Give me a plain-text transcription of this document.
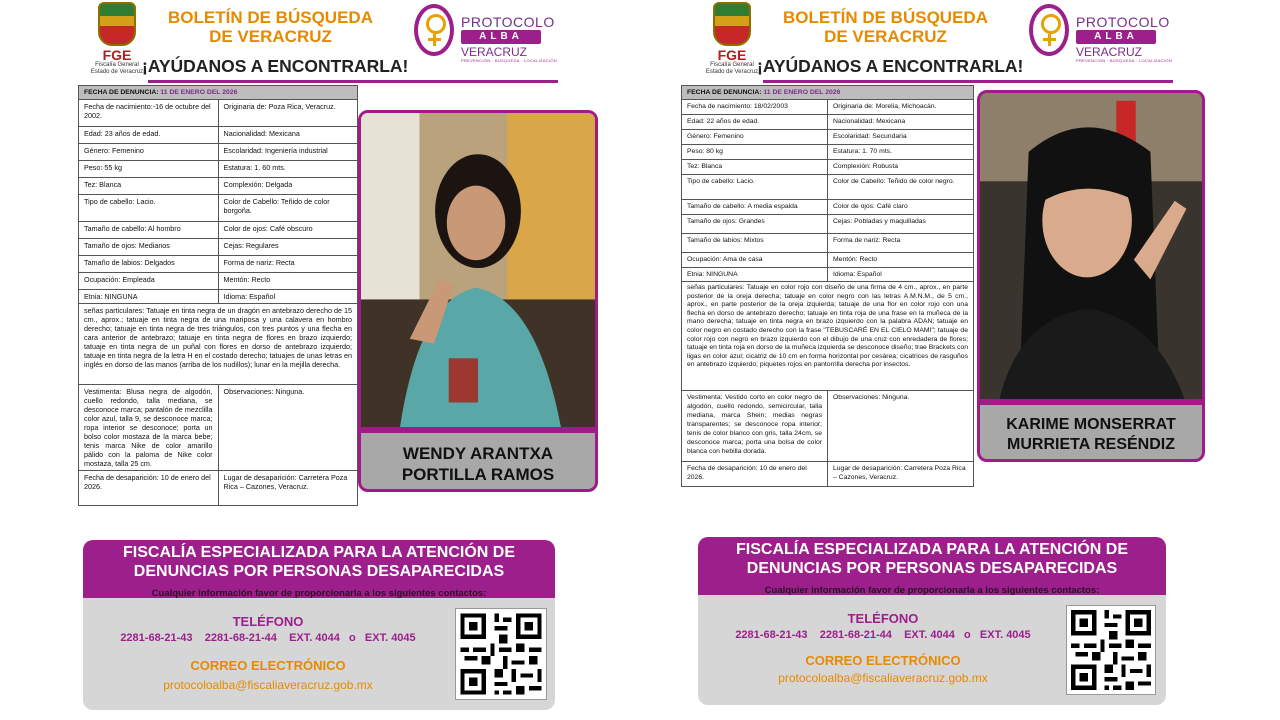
FGE
Fiscalía General
Estado de Veracruz
BOLETÍN DE BÚSQUEDA
DE VERACRUZ
¡AYÚDANOS A ENCONTRARLA!
PROTOCOLO
ALBA
VERACRUZ
PREVENCIÓN · BÚSQUEDA · LOCALIZACIÓN
FECHA DE DENUNCIA: 11 DE ENERO DEL 2026	
Fecha de nacimiento:-16 de octubre del 2002.	Originaria de: Poza Rica, Veracruz.
Edad: 23 años de edad.	Nacionalidad: Mexicana
Género: Femenino	Escolaridad: Ingeniería industrial
Peso: 55 kg	Estatura: 1. 60 mts.
Tez: Blanca	Complexión: Delgada
Tipo de cabello: Lacio.	Color de Cabello: Teñido de color borgoña.
Tamaño de cabello: Al hombro	Color de ojos: Café obscuro
Tamaño de ojos: Medianos	Cejas: Regulares
Tamaño de labios: Delgados	Forma de nariz: Recta
Ocupación: Empleada	Mentón: Recto
Etnia: NINGUNA	Idioma: Español
señas particulares: Tatuaje en tinta negra de un dragón en antebrazo derecho de 15 cm., aprox.; tatuaje en tinta negra de una mariposa y una calavera en hombro derecho; tatuaje en tinta negra de tres triángulos, con tres puntos y una flecha en cara anterior de antebrazo; tatuaje en tinta negra de flores en brazo izquierdo; tatuaje en tinta negra de un puñal con flores en dorso de antebrazo izquierdo; tatuaje en tinta negra de la letra H en el costado derecho; tatuajes de unas letras en inglés en dorso de las manos (arriba de los nudillos); lunar en la mejilla derecha.	
Vestimenta: Blusa negra de algodón, cuello redondo, talla mediana, se desconoce marca; pantalón de mezclilla color azul, talla 9, se desconoce marca; ropa interior se desconoce; porta un bolso color mostaza de la marca bebe; tenis marca Nike de color amarillo pálido con la paloma de Nike color mostaza, talla 25 cm.	Observaciones: Ninguna.
Fecha de desaparición: 10 de enero del 2026.	Lugar de desaparición: Carretera Poza Rica – Cazones, Veracruz.
WENDY ARANTXA
PORTILLA RAMOS
FISCALÍA ESPECIALIZADA PARA LA ATENCIÓN DE
DENUNCIAS POR PERSONAS DESAPARECIDAS
Cualquier información favor de proporcionarla a los siguientes contactos:
TELÉFONO
2281-68-21-43    2281-68-21-44    EXT. 4044   o   EXT. 4045
CORREO ELECTRÓNICO
protocoloalba@fiscaliaveracruz.gob.mx
FGE
Fiscalía General
Estado de Veracruz
BOLETÍN DE BÚSQUEDA
DE VERACRUZ
¡AYÚDANOS A ENCONTRARLA!
PROTOCOLO
ALBA
VERACRUZ
PREVENCIÓN · BÚSQUEDA · LOCALIZACIÓN
FECHA DE DENUNCIA: 11 DE ENERO DEL 2026	
Fecha de nacimiento: 18/02/2003	Originaria de: Morelia, Michoacán.
Edad: 22 años de edad.	Nacionalidad: Mexicana
Género: Femenino	Escolaridad: Secundaria
Peso: 80 kg	Estatura: 1. 70 mts.
Tez: Blanca	Complexión: Robusta
Tipo de cabello: Lacio.	Color de Cabello: Teñido de color negro.
Tamaño de cabello: A media espalda	Color de ojos: Café claro
Tamaño de ojos: Grandes	Cejas: Pobladas y maquilladas
Tamaño de labios: Mixtos	Forma de nariz: Recta
Ocupación: Ama de casa	Mentón: Recto
Etnia: NINGUNA	Idioma: Español
señas particulares: Tatuaje en color rojo con diseño de una firma de 4 cm., aprox., en parte posterior de la oreja derecha; tatuaje en color negro con las letras A.M.N.M., de 5 cm., aprox., en parte posterior de la oreja izquierda; tatuaje de una flor en color rojo con una flecha en dorso de antebrazo derecho; tatuaje en tinta roja de una frase en la muñeca de la mano derecha; tatuaje en tinta negra en brazo izquierdo con la palabra ADAN; tatuaje en color negro en costado derecho con la frase "TEBUSCARÉ EN EL CIELO MAMI"; tatuaje de color rojo con negro en brazo izquierdo con el dibujo de una cruz con enredadera de flores; tatuaje en tinta roja en dorso de la muñeca izquierda se desconoce diseño; trae Brackets con ligas en color azul; cicatriz de 10 cm en forma horizontal por cesárea; cicatrices de rasguños en antebrazo izquierdo; piquetes rojos en pantorrilla derecha por insectos.	
Vestimenta: Vestido corto en color negro de algodón, cuello redondo, semicircular, talla mediana, marca Shein; medias negras transparentes; se desconoce ropa interior; tenis de color blanco con gris, talla 24cm, se desconoce marca; porta una bolsa de color blanca con hebilla dorada.	Observaciones: Ninguna.
Fecha de desaparición: 10 de enero del 2026.	Lugar de desaparición: Carretera Poza Rica – Cazones, Veracruz.
KARIME MONSERRAT
MURRIETA RESÉNDIZ
FISCALÍA ESPECIALIZADA PARA LA ATENCIÓN DE
DENUNCIAS POR PERSONAS DESAPARECIDAS
Cualquier información favor de proporcionarla a los siguientes contactos:
TELÉFONO
2281-68-21-43    2281-68-21-44    EXT. 4044   o   EXT. 4045
CORREO ELECTRÓNICO
protocoloalba@fiscaliaveracruz.gob.mx
